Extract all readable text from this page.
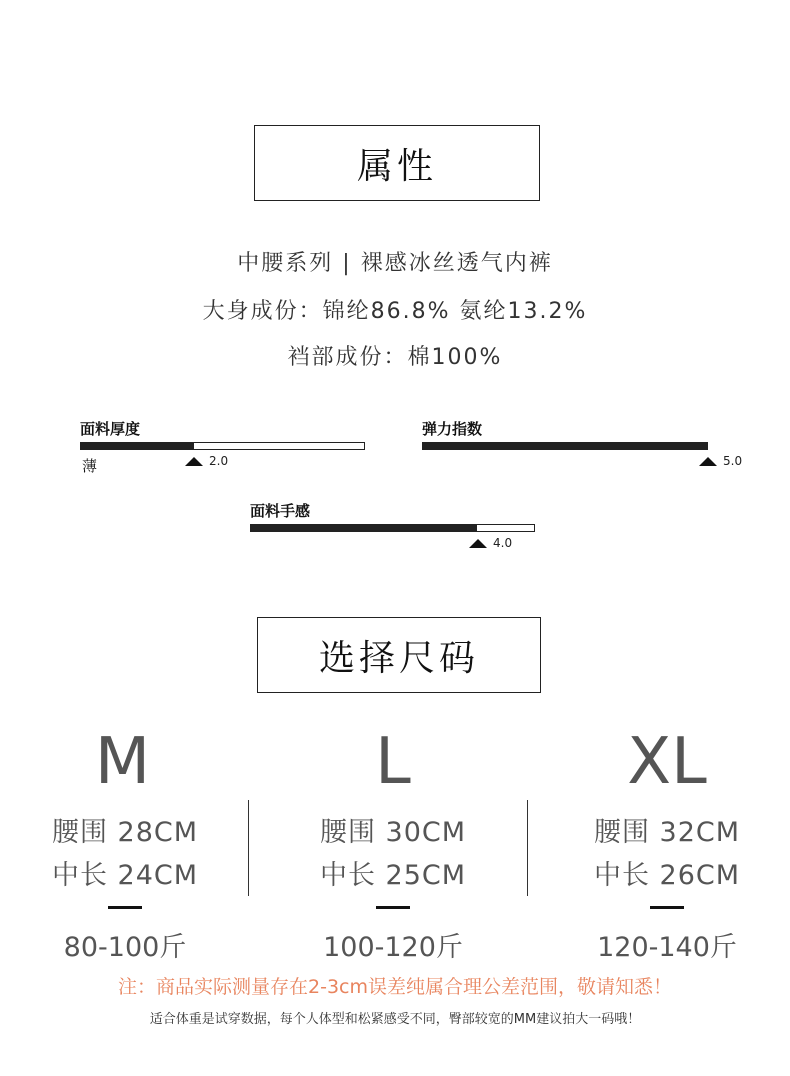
属性
中腰系列 | 裸感冰丝透气内裤
大身成份：锦纶86.8% 氨纶13.2%
裆部成份：棉100%
面料厚度
薄	2.0
弹力指数
5.0
面料手感
4.0
选择尺码
M
腰围 28CM
中长 24CM
80-100斤
L
腰围 30CM
中长 25CM
100-120斤
XL
腰围 32CM
中长 26CM
120-140斤
注：商品实际测量存在2-3cm误差纯属合理公差范围，敬请知悉！
适合体重是试穿数据，每个人体型和松紧感受不同，臀部较宽的MM建议拍大一码哦！
